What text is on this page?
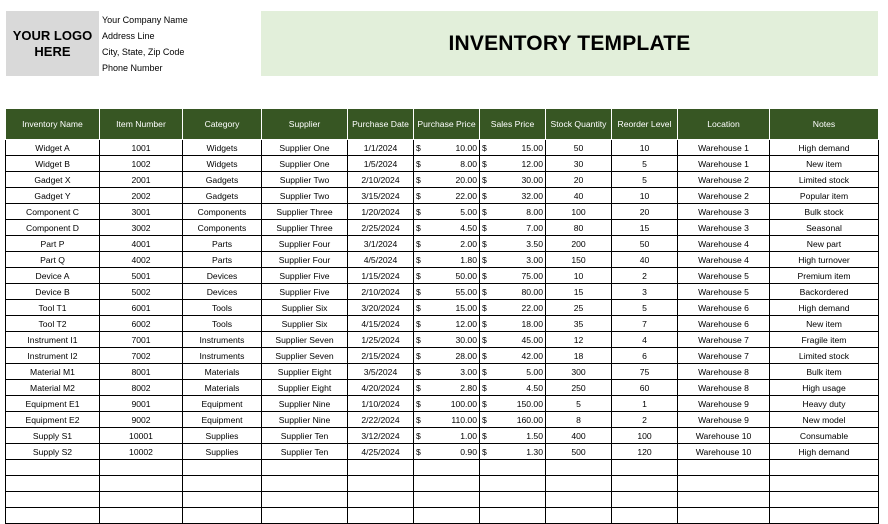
YOUR LOGO
HERE
Your Company Name
Address Line
City, State, Zip Code
Phone Number
INVENTORY TEMPLATE
Inventory Name	Item Number	Category	Supplier	Purchase Date	Purchase Price	Sales Price	Stock Quantity	Reorder Level	Location	Notes
Widget A	1001	Widgets	Supplier One	1/1/2024	$ 10.00	$ 15.00	50	10	Warehouse 1	High demand
Widget B	1002	Widgets	Supplier One	1/5/2024	$ 8.00	$ 12.00	30	5	Warehouse 1	New item
Gadget X	2001	Gadgets	Supplier Two	2/10/2024	$ 20.00	$ 30.00	20	5	Warehouse 2	Limited stock
Gadget Y	2002	Gadgets	Supplier Two	3/15/2024	$ 22.00	$ 32.00	40	10	Warehouse 2	Popular item
Component C	3001	Components	Supplier Three	1/20/2024	$ 5.00	$ 8.00	100	20	Warehouse 3	Bulk stock
Component D	3002	Components	Supplier Three	2/25/2024	$ 4.50	$ 7.00	80	15	Warehouse 3	Seasonal
Part P	4001	Parts	Supplier Four	3/1/2024	$ 2.00	$ 3.50	200	50	Warehouse 4	New part
Part Q	4002	Parts	Supplier Four	4/5/2024	$ 1.80	$ 3.00	150	40	Warehouse 4	High turnover
Device A	5001	Devices	Supplier Five	1/15/2024	$ 50.00	$ 75.00	10	2	Warehouse 5	Premium item
Device B	5002	Devices	Supplier Five	2/10/2024	$ 55.00	$ 80.00	15	3	Warehouse 5	Backordered
Tool T1	6001	Tools	Supplier Six	3/20/2024	$ 15.00	$ 22.00	25	5	Warehouse 6	High demand
Tool T2	6002	Tools	Supplier Six	4/15/2024	$ 12.00	$ 18.00	35	7	Warehouse 6	New item
Instrument I1	7001	Instruments	Supplier Seven	1/25/2024	$ 30.00	$ 45.00	12	4	Warehouse 7	Fragile item
Instrument I2	7002	Instruments	Supplier Seven	2/15/2024	$ 28.00	$ 42.00	18	6	Warehouse 7	Limited stock
Material M1	8001	Materials	Supplier Eight	3/5/2024	$ 3.00	$ 5.00	300	75	Warehouse 8	Bulk item
Material M2	8002	Materials	Supplier Eight	4/20/2024	$ 2.80	$ 4.50	250	60	Warehouse 8	High usage
Equipment E1	9001	Equipment	Supplier Nine	1/10/2024	$ 100.00	$ 150.00	5	1	Warehouse 9	Heavy duty
Equipment E2	9002	Equipment	Supplier Nine	2/22/2024	$ 110.00	$ 160.00	8	2	Warehouse 9	New model
Supply S1	10001	Supplies	Supplier Ten	3/12/2024	$ 1.00	$ 1.50	400	100	Warehouse 10	Consumable
Supply S2	10002	Supplies	Supplier Ten	4/25/2024	$ 0.90	$ 1.30	500	120	Warehouse 10	High demand
